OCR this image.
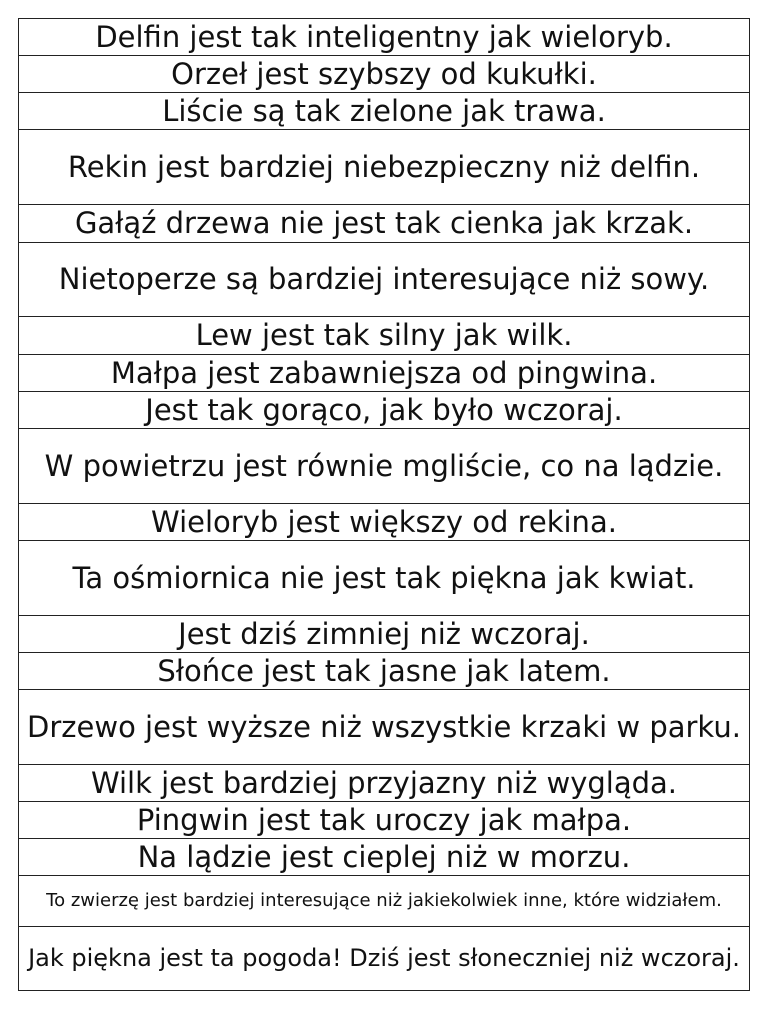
Delfin jest tak inteligentny jak wieloryb.
Orzeł jest szybszy od kukułki.
Liście są tak zielone jak trawa.
Rekin jest bardziej niebezpieczny niż delfin.
Gałąź drzewa nie jest tak cienka jak krzak.
Nietoperze są bardziej interesujące niż sowy.
Lew jest tak silny jak wilk.
Małpa jest zabawniejsza od pingwina.
Jest tak gorąco, jak było wczoraj.
W powietrzu jest równie mgliście, co na lądzie.
Wieloryb jest większy od rekina.
Ta ośmiornica nie jest tak piękna jak kwiat.
Jest dziś zimniej niż wczoraj.
Słońce jest tak jasne jak latem.
Drzewo jest wyższe niż wszystkie krzaki w parku.
Wilk jest bardziej przyjazny niż wygląda.
Pingwin jest tak uroczy jak małpa.
Na lądzie jest cieplej niż w morzu.
To zwierzę jest bardziej interesujące niż jakiekolwiek inne, które widziałem.
Jak piękna jest ta pogoda! Dziś jest słoneczniej niż wczoraj.
